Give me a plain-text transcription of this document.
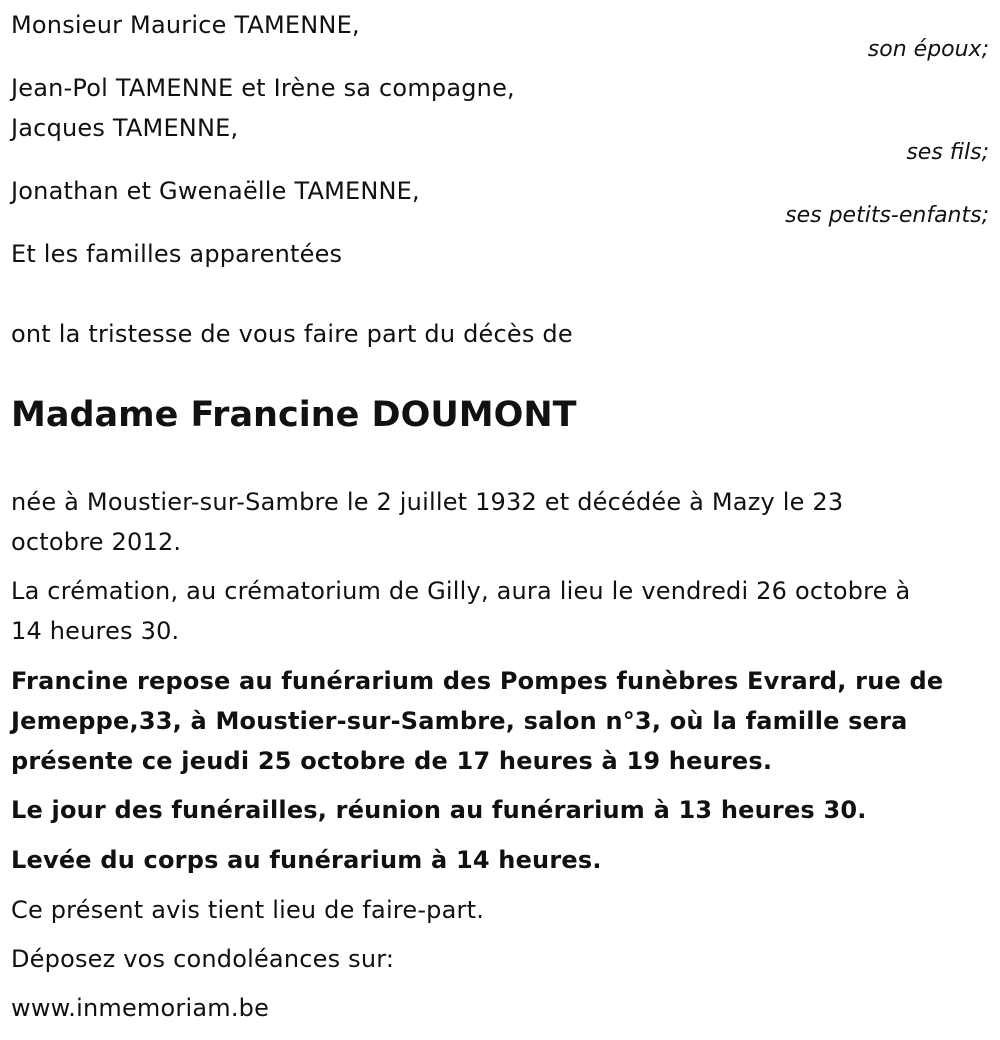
Monsieur Maurice TAMENNE,
son époux;
Jean-Pol TAMENNE et Irène sa compagne,
Jacques TAMENNE,
ses fils;
Jonathan et Gwenaëlle TAMENNE,
ses petits-enfants;
Et les familles apparentées
ont la tristesse de vous faire part du décès de
Madame Francine DOUMONT
née à Moustier-sur-Sambre le 2 juillet 1932 et décédée à Mazy le 23
octobre 2012.
La crémation, au crématorium de Gilly, aura lieu le vendredi 26 octobre à
14 heures 30.
Francine repose au funérarium des Pompes funèbres Evrard, rue de
Jemeppe,33, à Moustier-sur-Sambre, salon n°3, où la famille sera
présente ce jeudi 25 octobre de 17 heures à 19 heures.
Le jour des funérailles, réunion au funérarium à 13 heures 30.
Levée du corps au funérarium à 14 heures.
Ce présent avis tient lieu de faire-part.
Déposez vos condoléances sur:
www.inmemoriam.be
